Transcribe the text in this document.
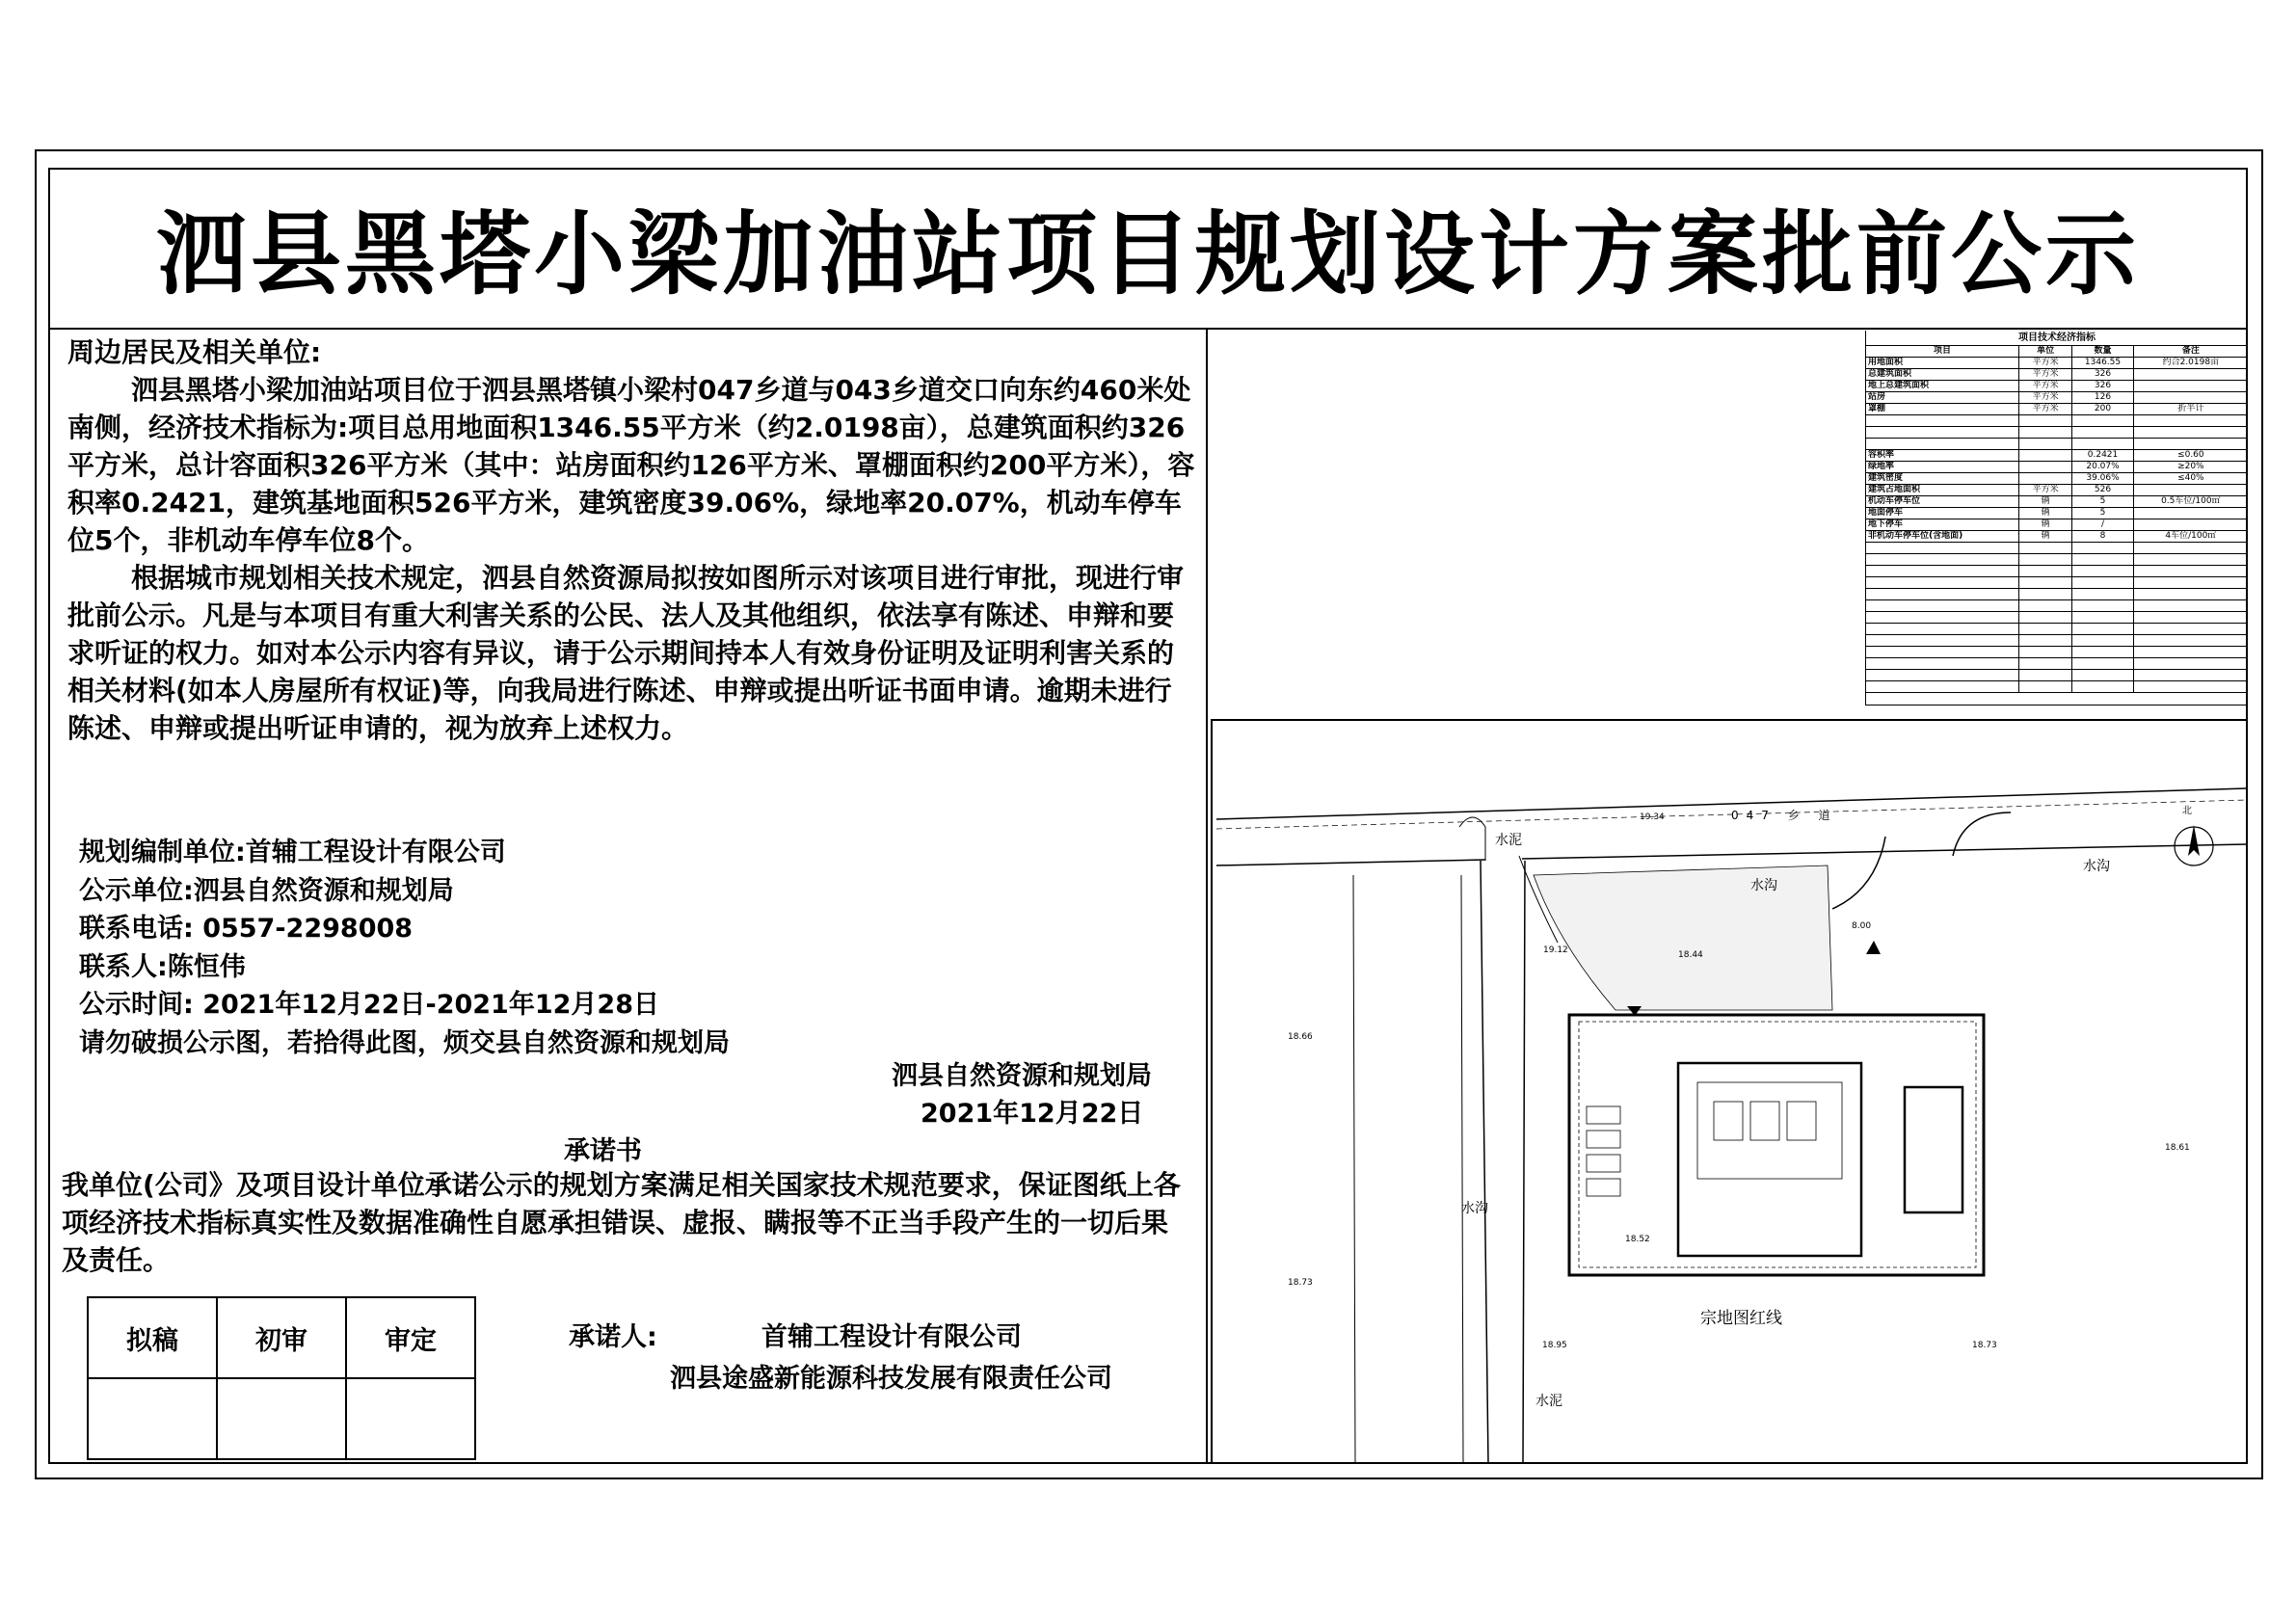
泗县黑塔小梁加油站项目规划设计方案批前公示

周边居民及相关单位:

泗县黑塔小梁加油站项目位于泗县黑塔镇小梁村047乡道与043乡道交口向东约460米处南侧，经济技术指标为:项目总用地面积1346.55平方米（约2.0198亩），总建筑面积约326平方米，总计容面积326平方米（其中：站房面积约126平方米、罩棚面积约200平方米），容积率0.2421，建筑基地面积526平方米，建筑密度39.06%，绿地率20.07%，机动车停车位5个，非机动车停车位8个。

根据城市规划相关技术规定，泗县自然资源局拟按如图所示对该项目进行审批，现进行审批前公示。凡是与本项目有重大利害关系的公民、法人及其他组织，依法享有陈述、申辩和要求听证的权力。如对本公示内容有异议，请于公示期间持本人有效身份证明及证明利害关系的相关材料(如本人房屋所有权证)等，向我局进行陈述、申辩或提出听证书面申请。逾期未进行陈述、申辩或提出听证申请的，视为放弃上述权力。

规划编制单位:首辅工程设计有限公司
公示单位:泗县自然资源和规划局
联系电话: 0557-2298008
联系人:陈恒伟
公示时间: 2021年12月22日-2021年12月28日
请勿破损公示图，若拾得此图，烦交县自然资源和规划局
泗县自然资源和规划局
2021年12月22日
承诺书
我单位(公司》及项目设计单位承诺公示的规划方案满足相关国家技术规范要求，保证图纸上各项经济技术指标真实性及数据准确性自愿承担错误、虚报、瞒报等不正当手段产生的一切后果及责任。
拟稿	初审	审定
			承诺人:	首辅工程设计有限公司
泗县途盛新能源科技发展有限责任公司
项目技术经济指标
项目	单位	数量	备注
用地面积	平方米	1346.55	约合2.0198亩
总建筑面积	平方米	326	
地上总建筑面积	平方米	326	
站房	平方米	126	
罩棚	平方米	200	折半计

容积率		0.2421	≤0.60
绿地率		20.07%	≥20%
建筑密度		39.06%	≤40%
建筑占地面积	平方米	526	
机动车停车位	辆	5	0.5车位/100㎡
地面停车	辆	5	
地下停车	辆	/	
非机动车停车位(含地面)	辆	8	4车位/100㎡

北
047 乡 道
水泥
水沟
水沟
水沟
宗地图红线
水泥
19.34
19.12	18.44
18.66
18.61
18.73
18.52
18.95	18.73
8.00
